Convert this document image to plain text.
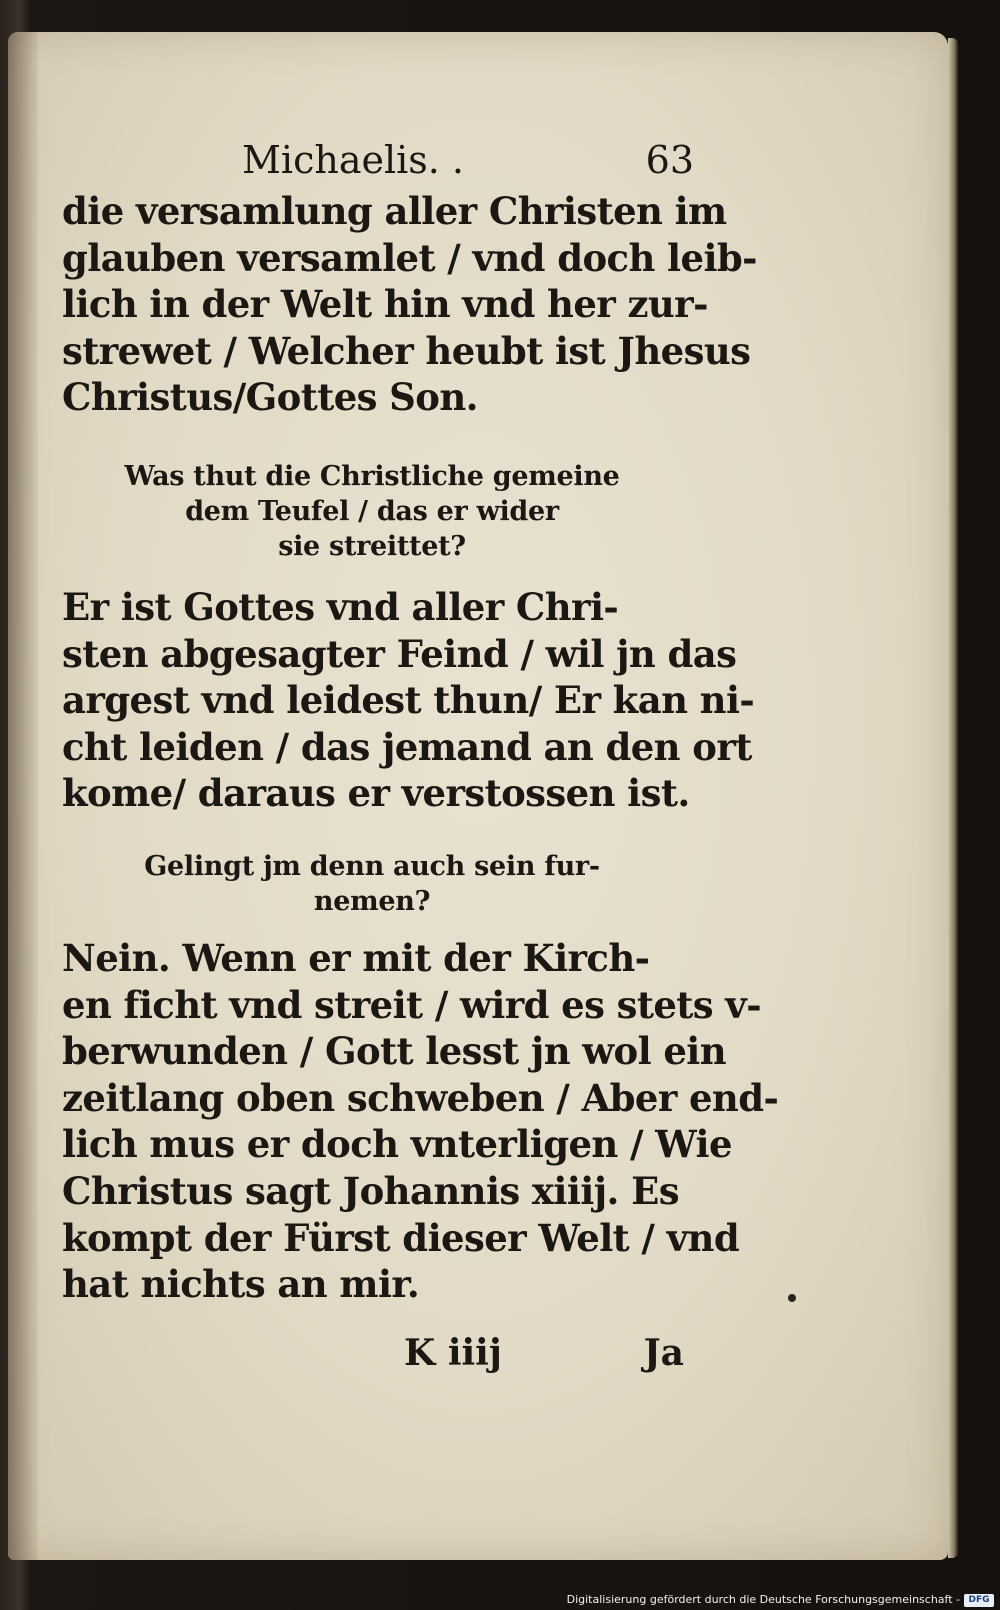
Michaelis. .	63
die versamlung aller Christen im
glauben versamlet / vnd doch leib-
lich in der Welt hin vnd her zur-
strewet / Welcher heubt ist Jhesus
Christus/Gottes Son.
Was thut die Christliche gemeine
dem Teufel / das er wider
sie streittet?
Er ist Gottes vnd aller Chri-
sten abgesagter Feind / wil jn das
argest vnd leidest thun/ Er kan ni-
cht leiden / das jemand an den ort
kome/ daraus er verstossen ist.
Gelingt jm denn auch sein fur-
nemen?
Nein. Wenn er mit der Kirch-
en ficht vnd streit / wird es stets v-
berwunden / Gott lesst jn wol ein
zeitlang oben schweben / Aber end-
lich mus er doch vnterligen / Wie
Christus sagt Johannis xiiij. Es
kompt der Fürst dieser Welt / vnd
hat nichts an mir.
K iiij	Ja
Digitalisierung gefördert durch die Deutsche Forschungsgemeinschaft - DFG
